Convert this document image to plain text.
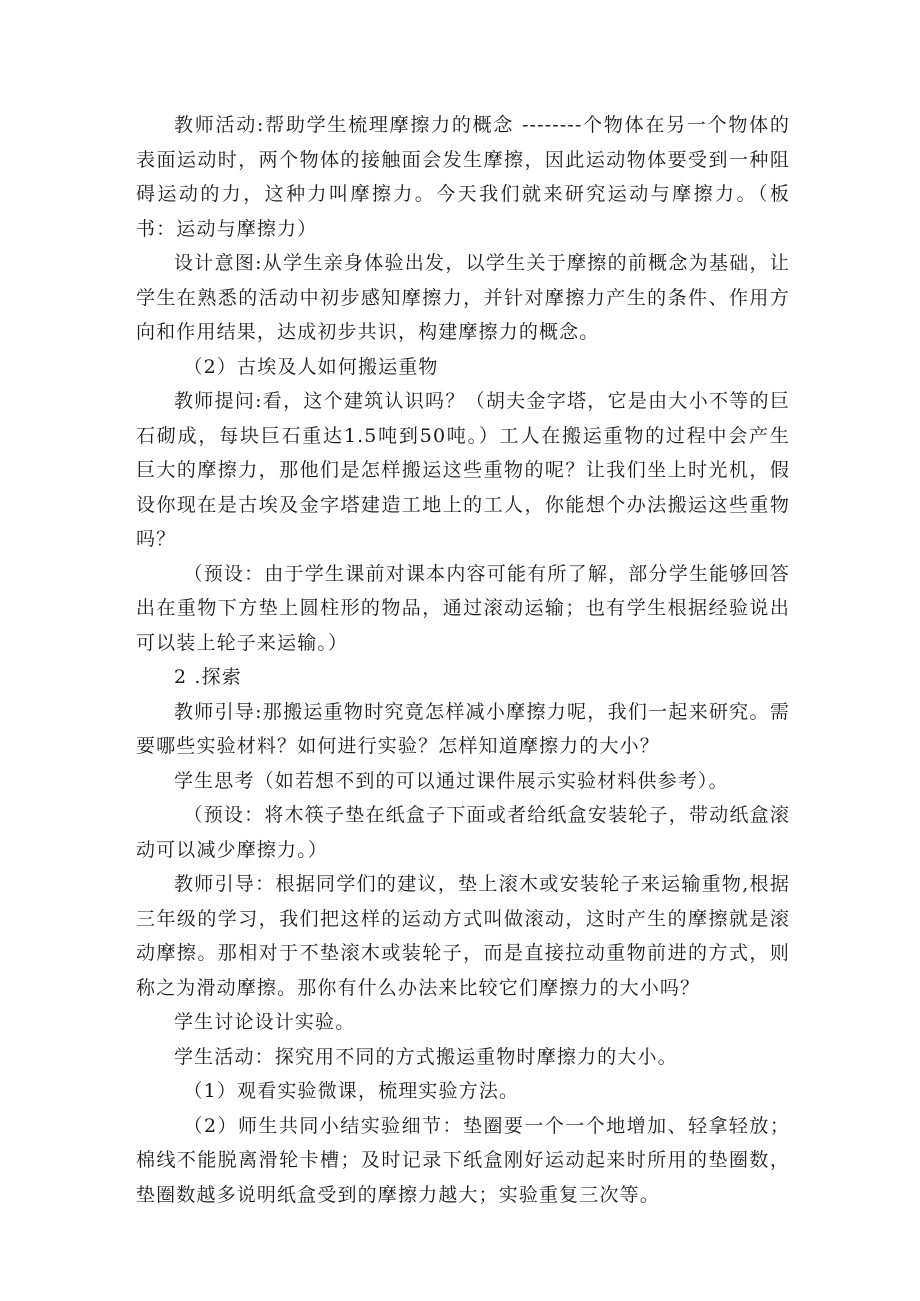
教师活动:帮助学生梳理摩擦力的概念 --------个物体在另一个物体的表面运动时，两个物体的接触面会发生摩擦，因此运动物体要受到一种阻碍运动的力，这种力叫摩擦力。今天我们就来研究运动与摩擦力。（板书：运动与摩擦力）

设计意图:从学生亲身体验出发，以学生关于摩擦的前概念为基础，让学生在熟悉的活动中初步感知摩擦力，并针对摩擦力产生的条件、作用方向和作用结果，达成初步共识，构建摩擦力的概念。

（2）古埃及人如何搬运重物

教师提问:看，这个建筑认识吗？（胡夫金字塔，它是由大小不等的巨石砌成，每块巨石重达1.5吨到50吨。）工人在搬运重物的过程中会产生巨大的摩擦力，那他们是怎样搬运这些重物的呢？让我们坐上时光机，假设你现在是古埃及金字塔建造工地上的工人，你能想个办法搬运这些重物吗？

（预设：由于学生课前对课本内容可能有所了解，部分学生能够回答出在重物下方垫上圆柱形的物品，通过滚动运输；也有学生根据经验说出可以装上轮子来运输。）

2 .探索

教师引导:那搬运重物时究竟怎样减小摩擦力呢，我们一起来研究。需要哪些实验材料？如何进行实验？怎样知道摩擦力的大小？

学生思考（如若想不到的可以通过课件展示实验材料供参考）。

（预设：将木筷子垫在纸盒子下面或者给纸盒安装轮子，带动纸盒滚动可以减少摩擦力。）

教师引导：根据同学们的建议，垫上滚木或安装轮子来运输重物,根据三年级的学习，我们把这样的运动方式叫做滚动，这时产生的摩擦就是滚动摩擦。那相对于不垫滚木或装轮子，而是直接拉动重物前进的方式，则称之为滑动摩擦。那你有什么办法来比较它们摩擦力的大小吗？

学生讨论设计实验。

学生活动：探究用不同的方式搬运重物时摩擦力的大小。

（1）观看实验微课，梳理实验方法。

（2）师生共同小结实验细节：垫圈要一个一个地增加、轻拿轻放；棉线不能脱离滑轮卡槽；及时记录下纸盒刚好运动起来时所用的垫圈数，垫圈数越多说明纸盒受到的摩擦力越大；实验重复三次等。
